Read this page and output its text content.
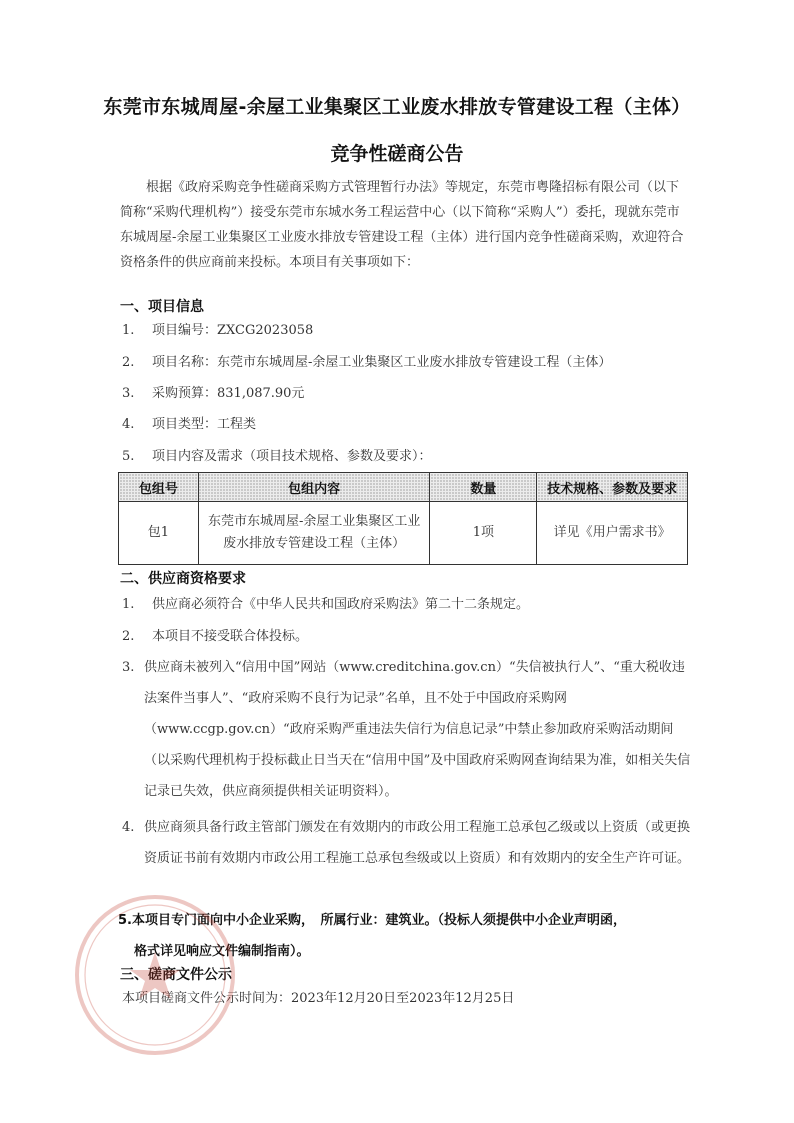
东莞市东城周屋-余屋工业集聚区工业废水排放专管建设工程（主体）
竞争性磋商公告

根据《政府采购竞争性磋商采购方式管理暂行办法》等规定，东莞市粤隆招标有限公司（以下简称“采购代理机构”）接受东莞市东城水务工程运营中心（以下简称“采购人”）委托，现就东莞市东城周屋-余屋工业集聚区工业废水排放专管建设工程（主体）进行国内竞争性磋商采购，欢迎符合资格条件的供应商前来投标。本项目有关事项如下：

一、项目信息
1. 项目编号：ZXCG2023058
2. 项目名称：东莞市东城周屋-余屋工业集聚区工业废水排放专管建设工程（主体）
3. 采购预算：831,087.90元
4. 项目类型：工程类
5. 项目内容及需求（项目技术规格、参数及要求）：
包组号	包组内容	数量	技术规格、参数及要求
包1	东莞市东城周屋-余屋工业集聚区工业废水排放专管建设工程（主体）	1项	详见《用户需求书》
二、供应商资格要求
1. 供应商必须符合《中华人民共和国政府采购法》第二十二条规定。
2. 本项目不接受联合体投标。
3. 供应商未被列入“信用中国”网站（www.creditchina.gov.cn）“失信被执行人”、“重大税收违法案件当事人”、“政府采购不良行为记录”名单，且不处于中国政府采购网（www.ccgp.gov.cn）“政府采购严重违法失信行为信息记录”中禁止参加政府采购活动期间（以采购代理机构于投标截止日当天在“信用中国”及中国政府采购网查询结果为准，如相关失信记录已失效，供应商须提供相关证明资料）。
4. 供应商须具备行政主管部门颁发在有效期内的市政公用工程施工总承包乙级或以上资质（或更换资质证书前有效期内市政公用工程施工总承包叁级或以上资质）和有效期内的安全生产许可证。
5.本项目专门面向中小企业采购，　所属行业：建筑业。（投标人须提供中小企业声明函，
格式详见响应文件编制指南）。
三、磋商文件公示
本项目磋商文件公示时间为：2023年12月20日至2023年12月25日
